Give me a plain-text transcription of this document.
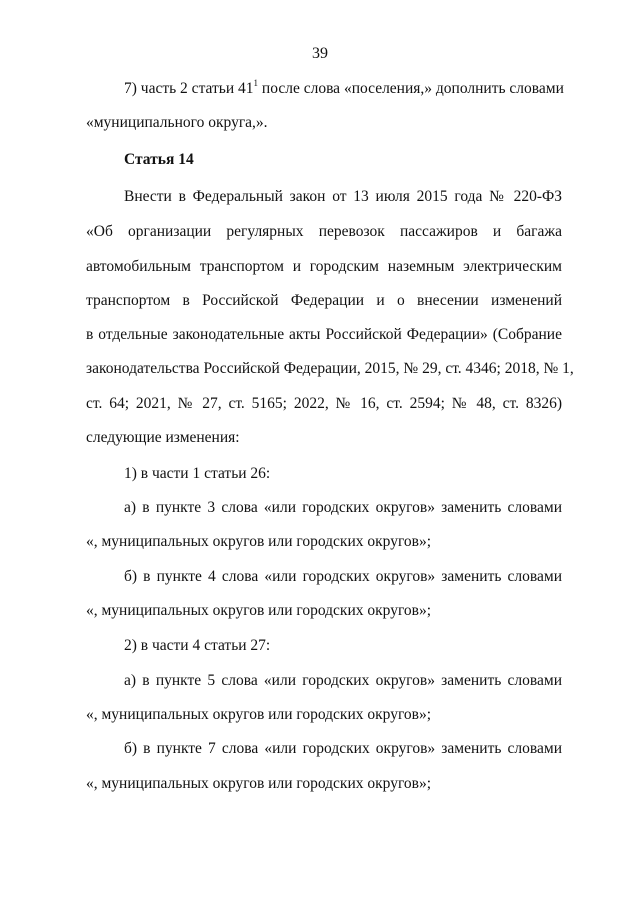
39
7) часть 2 статьи $41^1$ после слова «поселения,» дополнить словами
«муниципального округа,».
Статья 14
Внести в Федеральный закон от 13 июля 2015 года № 220-ФЗ
«Об организации регулярных перевозок пассажиров и багажа
автомобильным транспортом и городским наземным электрическим
транспортом в Российской Федерации и о внесении изменений
в отдельные законодательные акты Российской Федерации» (Собрание
законодательства Российской Федерации, 2015, № 29, ст. 4346; 2018, № 1,
ст. 64; 2021, № 27, ст. 5165; 2022, № 16, ст. 2594; № 48, ст. 8326)
следующие изменения:
1) в части 1 статьи 26:
а) в пункте 3 слова «или городских округов» заменить словами
«, муниципальных округов или городских округов»;
б) в пункте 4 слова «или городских округов» заменить словами
«, муниципальных округов или городских округов»;
2) в части 4 статьи 27:
а) в пункте 5 слова «или городских округов» заменить словами
«, муниципальных округов или городских округов»;
б) в пункте 7 слова «или городских округов» заменить словами
«, муниципальных округов или городских округов»;
